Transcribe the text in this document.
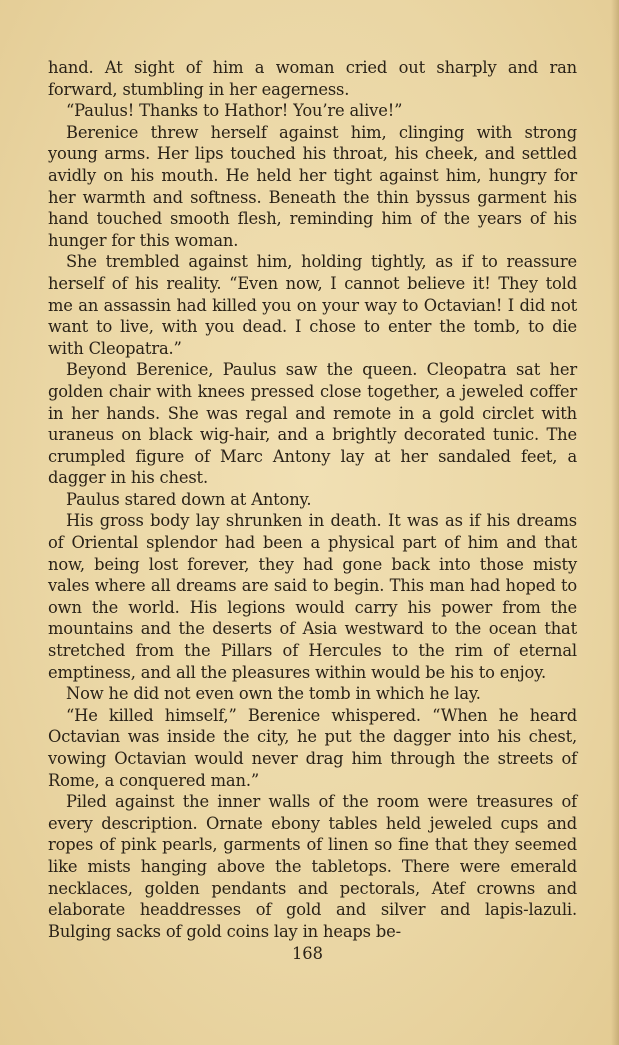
hand. At sight of him a woman cried out sharply and ran forward, stumbling in her eagerness.

“Paulus! Thanks to Hathor! You’re alive!”

Berenice threw herself against him, clinging with strong young arms. Her lips touched his throat, his cheek, and settled avidly on his mouth. He held her tight against him, hungry for her warmth and softness. Beneath the thin byssus garment his hand touched smooth flesh, reminding him of the years of his hunger for this woman.

She trembled against him, holding tightly, as if to reassure herself of his reality. “Even now, I cannot believe it! They told me an assassin had killed you on your way to Octavian! I did not want to live, with you dead. I chose to enter the tomb, to die with Cleopatra.”

Beyond Berenice, Paulus saw the queen. Cleopatra sat her golden chair with knees pressed close together, a jeweled coffer in her hands. She was regal and remote in a gold circlet with uraneus on black wig-hair, and a brightly decorated tunic. The crumpled figure of Marc Antony lay at her sandaled feet, a dagger in his chest.

Paulus stared down at Antony.

His gross body lay shrunken in death. It was as if his dreams of Oriental splendor had been a physical part of him and that now, being lost forever, they had gone back into those misty vales where all dreams are said to begin. This man had hoped to own the world. His legions would carry his power from the mountains and the deserts of Asia westward to the ocean that stretched from the Pillars of Hercules to the rim of eternal emptiness, and all the pleasures within would be his to enjoy.

Now he did not even own the tomb in which he lay.

“He killed himself,” Berenice whispered. “When he heard Octavian was inside the city, he put the dagger into his chest, vowing Octavian would never drag him through the streets of Rome, a conquered man.”

Piled against the inner walls of the room were treasures of every description. Ornate ebony tables held jeweled cups and ropes of pink pearls, garments of linen so fine that they seemed like mists hanging above the tabletops. There were emerald necklaces, golden pendants and pectorals, Atef crowns and elaborate headdresses of gold and silver and lapis-lazuli. Bulging sacks of gold coins lay in heaps be-

168
